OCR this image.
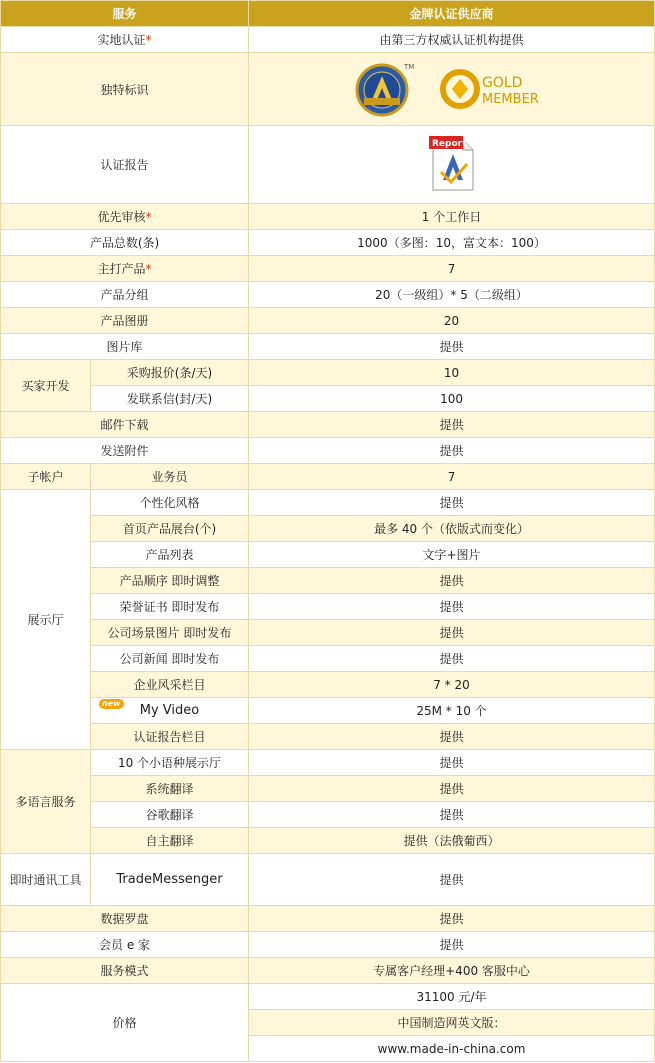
服务		金牌认证供应商
实地认证*		由第三方权威认证机构提供
独特标识		TM
GOLD
MEMBER

认证报告		Report

优先审核*		1 个工作日
产品总数(条)		1000（多图：10，富文本：100）
主打产品*		7
产品分组		20（一级组）* 5（二级组）
产品图册		20
图片库		提供
买家开发	采购报价(条/天)	10
	发联系信(封/天)	100
邮件下载		提供
发送附件		提供
子帐户	业务员	7
展示厅	个性化风格	提供
	首页产品展台(个)	最多 40 个（依版式而变化）
	产品列表	文字+图片
	产品顺序 即时调整	提供
	荣誉证书 即时发布	提供
	公司场景图片 即时发布	提供
	公司新闻 即时发布	提供
	企业风采栏目	7 * 20

	new My Video	25M * 10 个
	认证报告栏目	提供
多语言服务	10 个小语种展示厅	提供
	系统翻译	提供
	谷歌翻译	提供
	自主翻译	提供（法俄葡西）
即时通讯工具	TradeMessenger	提供
数据罗盘		提供
会员 e 家		提供
服务模式		专属客户经理+400 客服中心
价格		31100 元/年
		中国制造网英文版：
		www.made-in-china.com
